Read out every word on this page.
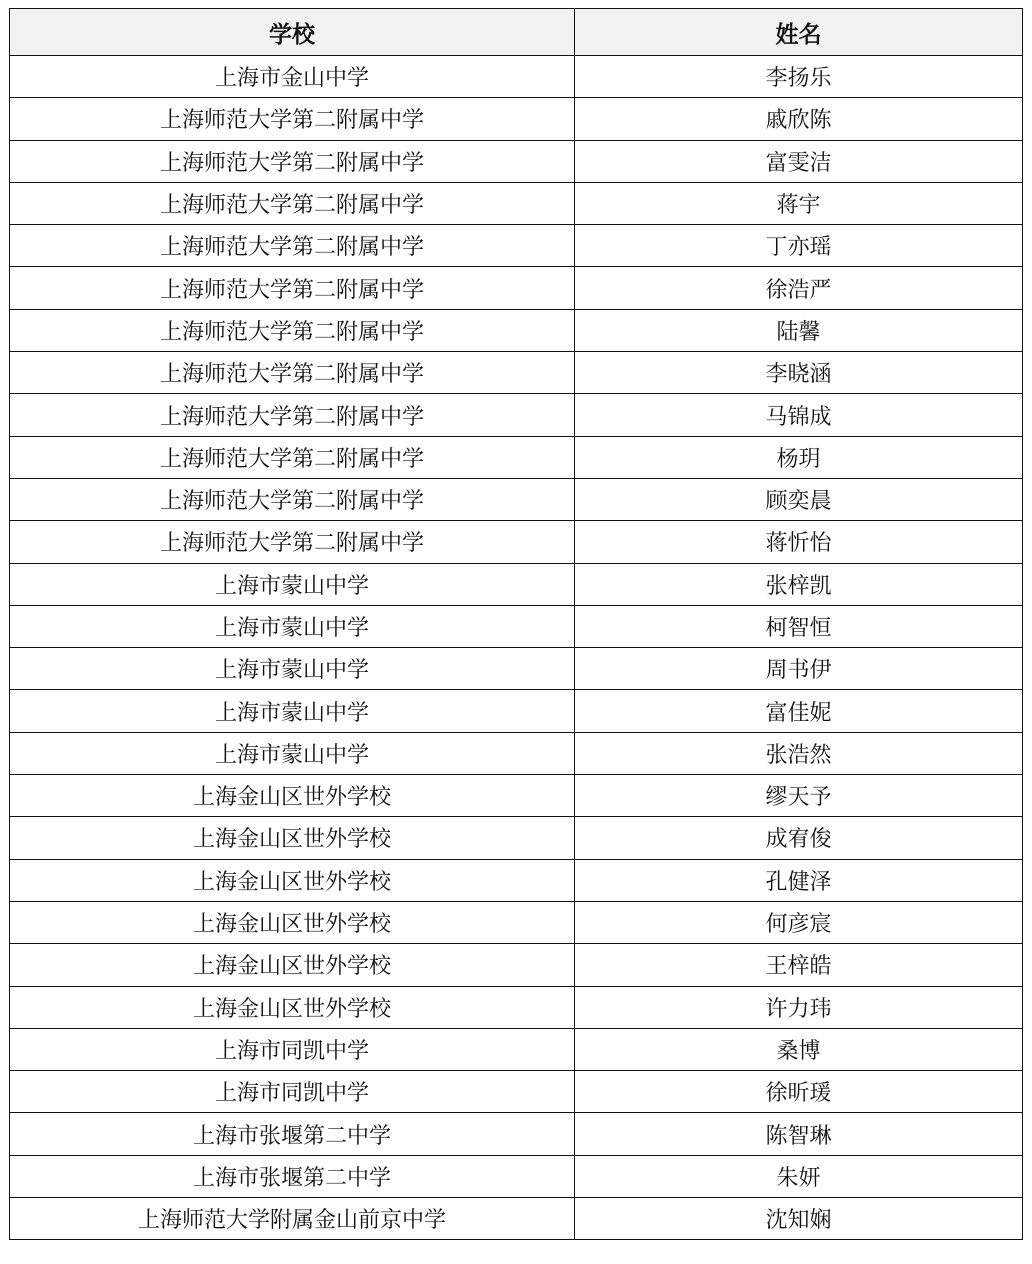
学校	姓名
上海市金山中学	李扬乐
上海师范大学第二附属中学	戚欣陈
上海师范大学第二附属中学	富雯洁
上海师范大学第二附属中学	蒋宇
上海师范大学第二附属中学	丁亦瑶
上海师范大学第二附属中学	徐浩严
上海师范大学第二附属中学	陆馨
上海师范大学第二附属中学	李晓涵
上海师范大学第二附属中学	马锦成
上海师范大学第二附属中学	杨玥
上海师范大学第二附属中学	顾奕晨
上海师范大学第二附属中学	蒋忻怡
上海市蒙山中学	张梓凯
上海市蒙山中学	柯智恒
上海市蒙山中学	周书伊
上海市蒙山中学	富佳妮
上海市蒙山中学	张浩然
上海金山区世外学校	缪天予
上海金山区世外学校	成宥俊
上海金山区世外学校	孔健泽
上海金山区世外学校	何彦宸
上海金山区世外学校	王梓皓
上海金山区世外学校	许力玮
上海市同凯中学	桑博
上海市同凯中学	徐昕瑗
上海市张堰第二中学	陈智琳
上海市张堰第二中学	朱妍
上海师范大学附属金山前京中学	沈知娴
